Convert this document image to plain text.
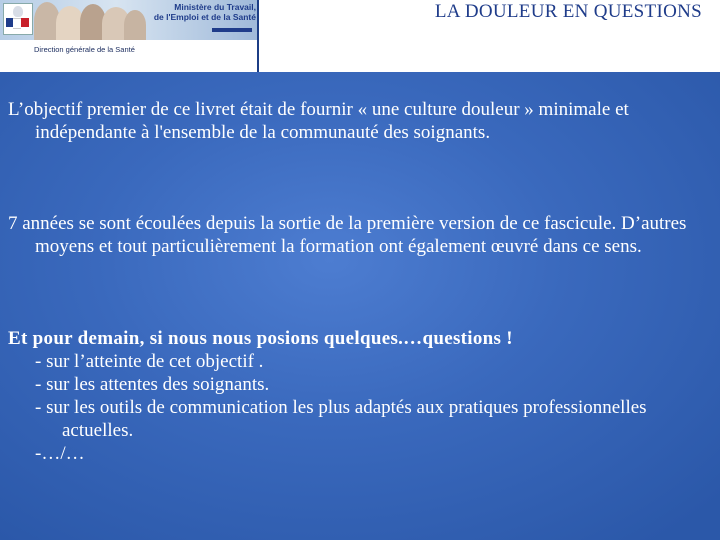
Ministère du Travail,
de l'Emploi et de la Santé
Direction générale de la Santé
LA DOULEUR EN QUESTIONS

L’objectif premier de ce livret était de fournir « une culture douleur » minimale et indépendante à l'ensemble de la communauté des soignants.

7 années se sont écoulées depuis la sortie de la première version de ce fascicule. D’autres moyens et tout particulièrement la formation ont également œuvré dans ce sens.

Et pour demain, si nous nous posions quelques.…questions !

- sur l’atteinte de cet objectif .
- sur les attentes des soignants.
- sur les outils de communication les plus adaptés aux pratiques professionnelles actuelles.
-…/…
